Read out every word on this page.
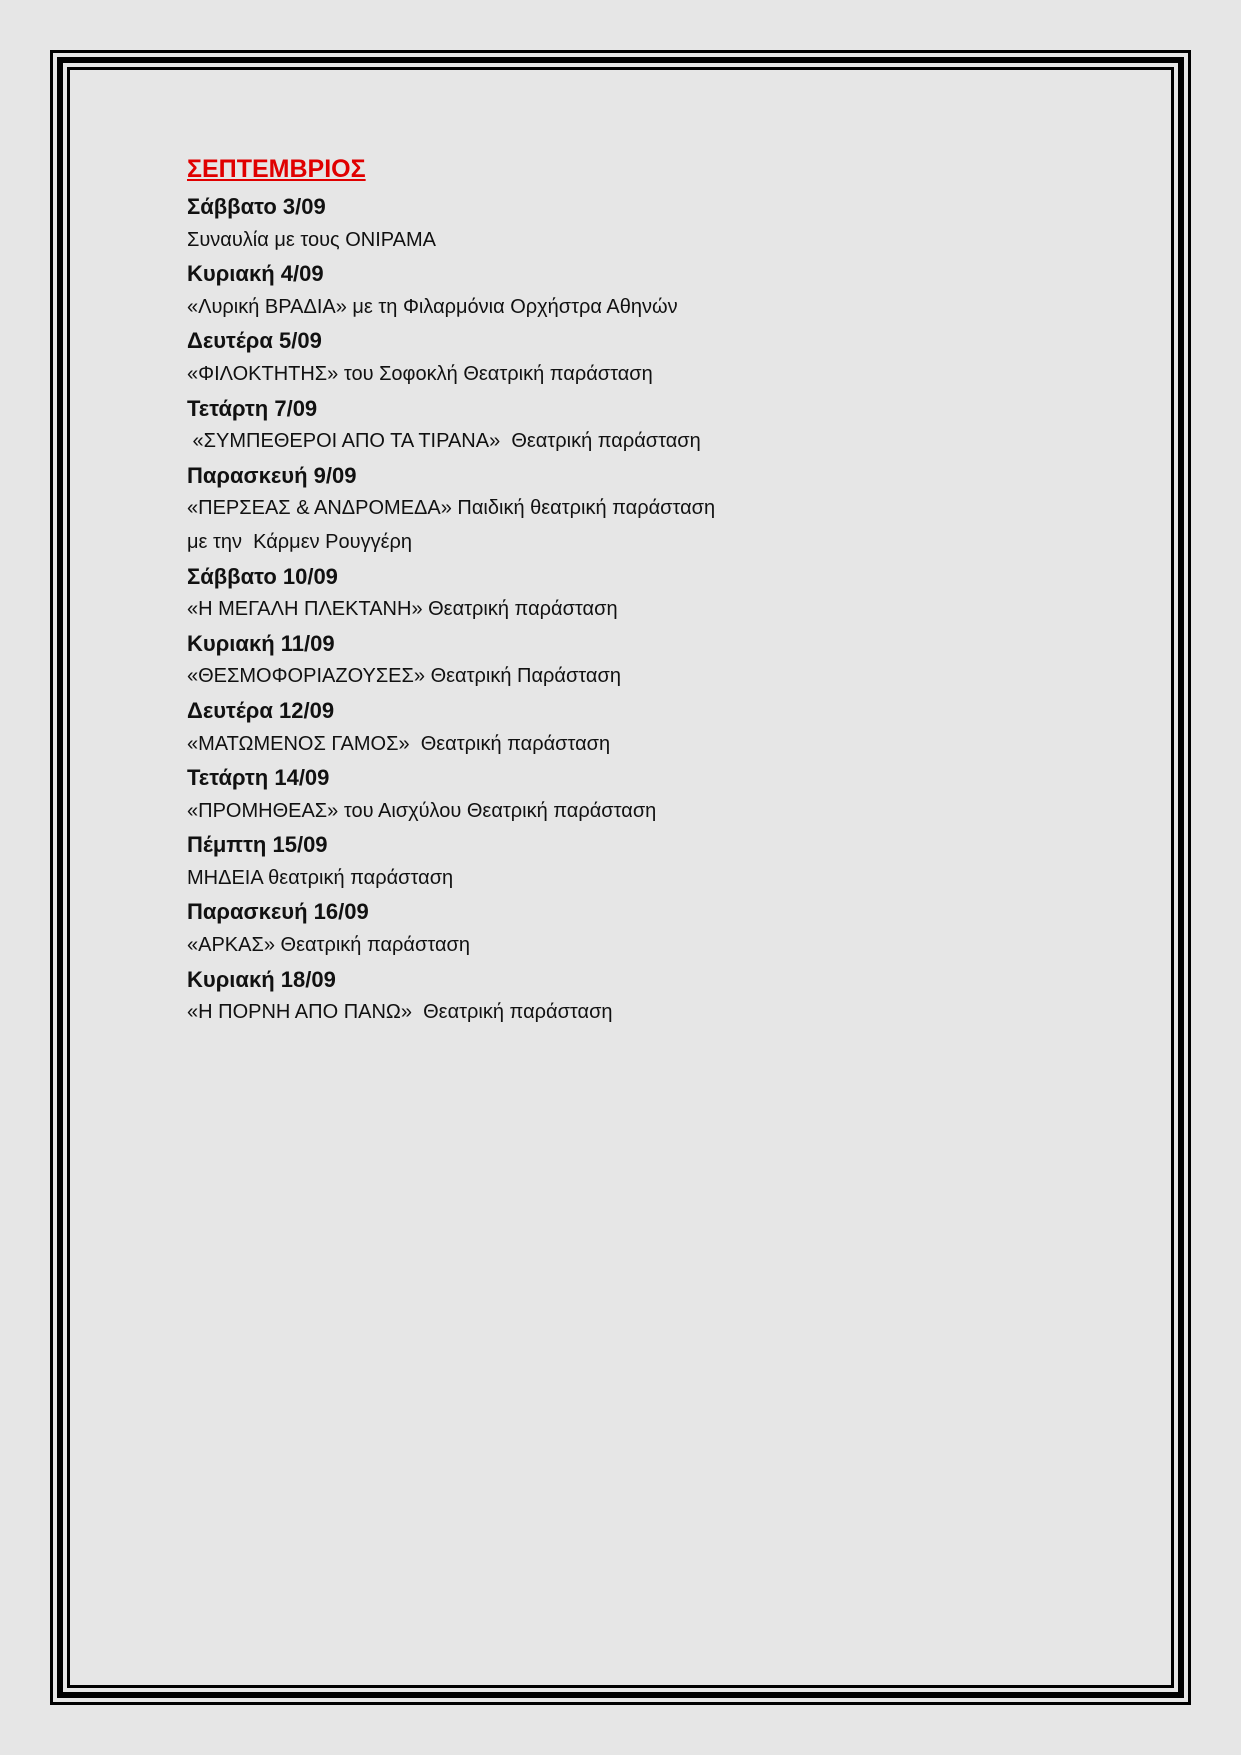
ΣΕΠΤΕΜΒΡΙΟΣ

Σάββατο 3/09

Συναυλία με τους ΟΝΙΡΑΜΑ

Κυριακή 4/09

«Λυρική ΒΡΑΔΙΑ» με τη Φιλαρμόνια Ορχήστρα Αθηνών

Δευτέρα 5/09

«ΦΙΛΟΚΤΗΤΗΣ» του Σοφοκλή Θεατρική παράσταση

Τετάρτη 7/09

«ΣΥΜΠΕΘΕΡΟΙ ΑΠΟ ΤΑ ΤΙΡΑΝΑ»  Θεατρική παράσταση

Παρασκευή 9/09

«ΠΕΡΣΕΑΣ & ΑΝΔΡΟΜΕΔΑ» Παιδική θεατρική παράσταση

με την  Κάρμεν Ρουγγέρη

Σάββατο 10/09

«Η ΜΕΓΑΛΗ ΠΛΕΚΤΑΝΗ» Θεατρική παράσταση

Κυριακή 11/09

«ΘΕΣΜΟΦΟΡΙΑΖΟΥΣΕΣ» Θεατρική Παράσταση

Δευτέρα 12/09

«ΜΑΤΩΜΕΝΟΣ ΓΑΜΟΣ»  Θεατρική παράσταση

Τετάρτη 14/09

«ΠΡΟΜΗΘΕΑΣ» του Αισχύλου Θεατρική παράσταση

Πέμπτη 15/09

ΜΗΔΕΙΑ θεατρική παράσταση

Παρασκευή 16/09

«ΑΡΚΑΣ» Θεατρική παράσταση

Κυριακή 18/09

«Η ΠΟΡΝΗ ΑΠΟ ΠΑΝΩ»  Θεατρική παράσταση
